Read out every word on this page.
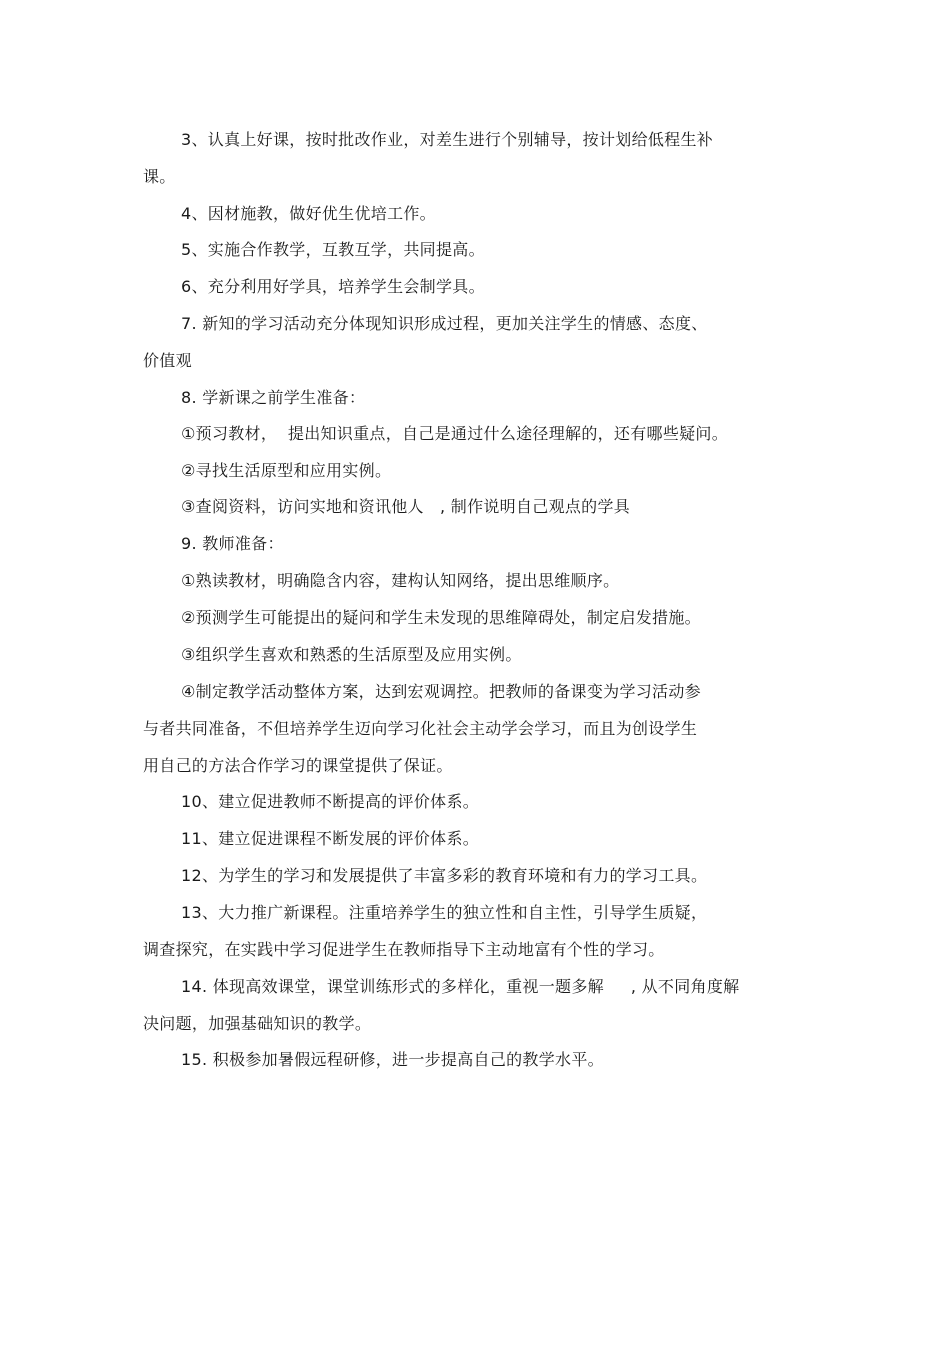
3、认真上好课，按时批改作业，对差生进行个别辅导，按计划给低程生补
课。
4、因材施教，做好优生优培工作。
5、实施合作教学，互教互学，共同提高。
6、充分利用好学具，培养学生会制学具。
7. 新知的学习活动充分体现知识形成过程，更加关注学生的情感、态度、
价值观
8. 学新课之前学生准备：
①预习教材，  提出知识重点，自己是通过什么途径理解的，还有哪些疑问。
②寻找生活原型和应用实例。
③查阅资料，访问实地和资讯他人   , 制作说明自己观点的学具
9. 教师准备：
①熟读教材，明确隐含内容，建构认知网络，提出思维顺序。
②预测学生可能提出的疑问和学生未发现的思维障碍处，制定启发措施。
③组织学生喜欢和熟悉的生活原型及应用实例。
④制定教学活动整体方案，达到宏观调控。把教师的备课变为学习活动参
与者共同准备，不但培养学生迈向学习化社会主动学会学习，而且为创设学生
用自己的方法合作学习的课堂提供了保证。
10、建立促进教师不断提高的评价体系。
11、建立促进课程不断发展的评价体系。
12、为学生的学习和发展提供了丰富多彩的教育环境和有力的学习工具。
13、大力推广新课程。注重培养学生的独立性和自主性，引导学生质疑，
调查探究，在实践中学习促进学生在教师指导下主动地富有个性的学习。
14. 体现高效课堂，课堂训练形式的多样化，重视一题多解     , 从不同角度解
决问题，加强基础知识的教学。
15. 积极参加暑假远程研修，进一步提高自己的教学水平。
